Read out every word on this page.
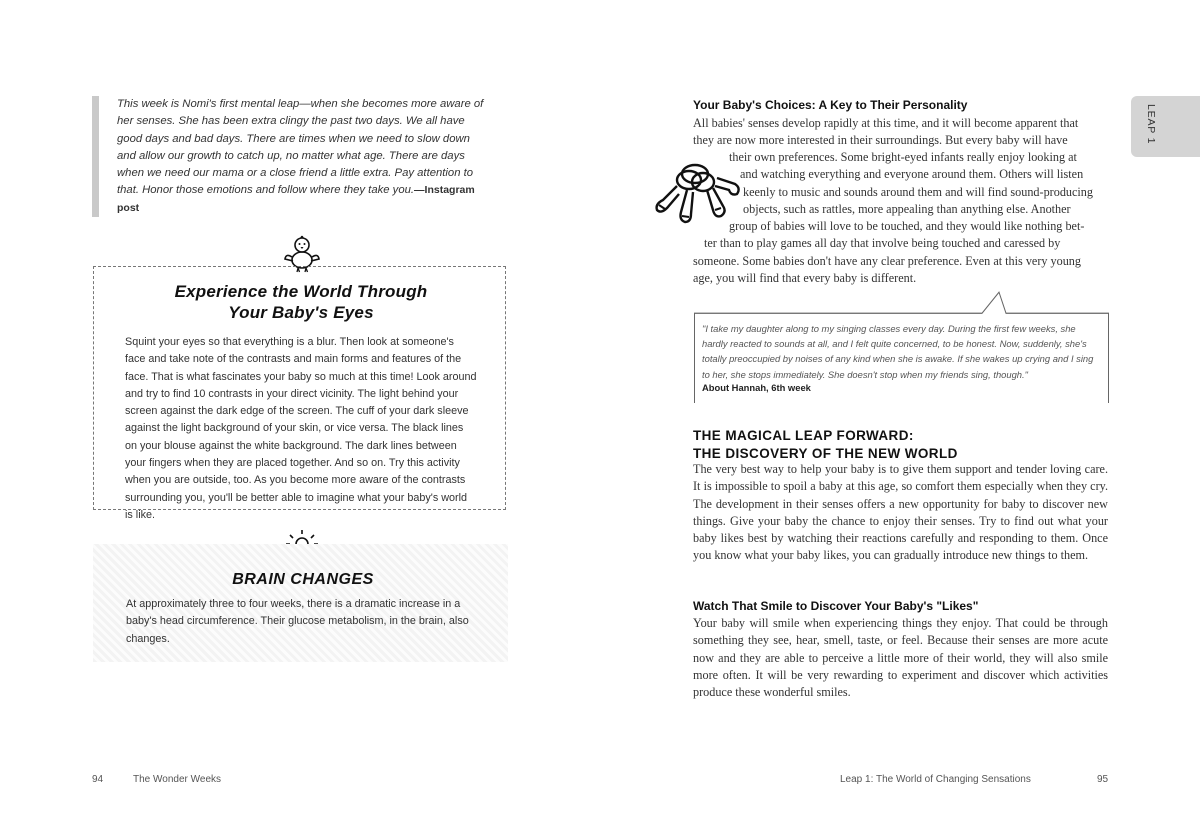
This week is Nomi's first mental leap—when she becomes more aware of her senses. She has been extra clingy the past two days. We all have good days and bad days. There are times when we need to slow down and allow our growth to catch up, no matter what age. There are days when we need our mama or a close friend a little extra. Pay attention to that. Honor those emotions and follow where they take you.—Instagram post

Experience the World Through
Your Baby's Eyes

Squint your eyes so that everything is a blur. Then look at someone's face and take note of the contrasts and main forms and features of the face. That is what fascinates your baby so much at this time! Look around and try to find 10 contrasts in your direct vicinity. The light behind your screen against the dark edge of the screen. The cuff of your dark sleeve against the light background of your skin, or vice versa. The black lines on your blouse against the white background. The dark lines between your fingers when they are placed together. And so on. Try this activity when you are outside, too. As you become more aware of the contrasts surrounding you, you'll be better able to imagine what your baby's world is like.

BRAIN CHANGES

At approximately three to four weeks, there is a dramatic increase in a baby's head circumference. Their glucose metabolism, in the brain, also changes.

94	The Wonder Weeks
LEAP 1
Your Baby's Choices: A Key to Their Personality

All babies' senses develop rapidly at this time, and it will become apparent that

they are now more interested in their surroundings. But every baby will have

their own preferences. Some bright-eyed infants really enjoy looking at

and watching everything and everyone around them. Others will listen

keenly to music and sounds around them and will find sound-producing

objects, such as rattles, more appealing than anything else. Another

group of babies will love to be touched, and they would like nothing bet-

ter than to play games all day that involve being touched and caressed by

someone. Some babies don't have any clear preference. Even at this very young

age, you will find that every baby is different.

"I take my daughter along to my singing classes every day. During the first few weeks, she hardly reacted to sounds at all, and I felt quite concerned, to be honest. Now, suddenly, she's totally preoccupied by noises of any kind when she is awake. If she wakes up crying and I sing to her, she stops immediately. She doesn't stop when my friends sing, though."

About Hannah, 6th week
THE MAGICAL LEAP FORWARD:
THE DISCOVERY OF THE NEW WORLD

The very best way to help your baby is to give them support and tender loving care. It is impossible to spoil a baby at this age, so comfort them especially when they cry. The development in their senses offers a new opportunity for baby to discover new things. Give your baby the chance to enjoy their senses. Try to find out what your baby likes best by watching their reactions carefully and responding to them. Once you know what your baby likes, you can gradually introduce new things to them.

Watch That Smile to Discover Your Baby's "Likes"

Your baby will smile when experiencing things they enjoy. That could be through something they see, hear, smell, taste, or feel. Because their senses are more acute now and they are able to perceive a little more of their world, they will also smile more often. It will be very rewarding to experiment and discover which activities produce these wonderful smiles.

Leap 1: The World of Changing Sensations	95
